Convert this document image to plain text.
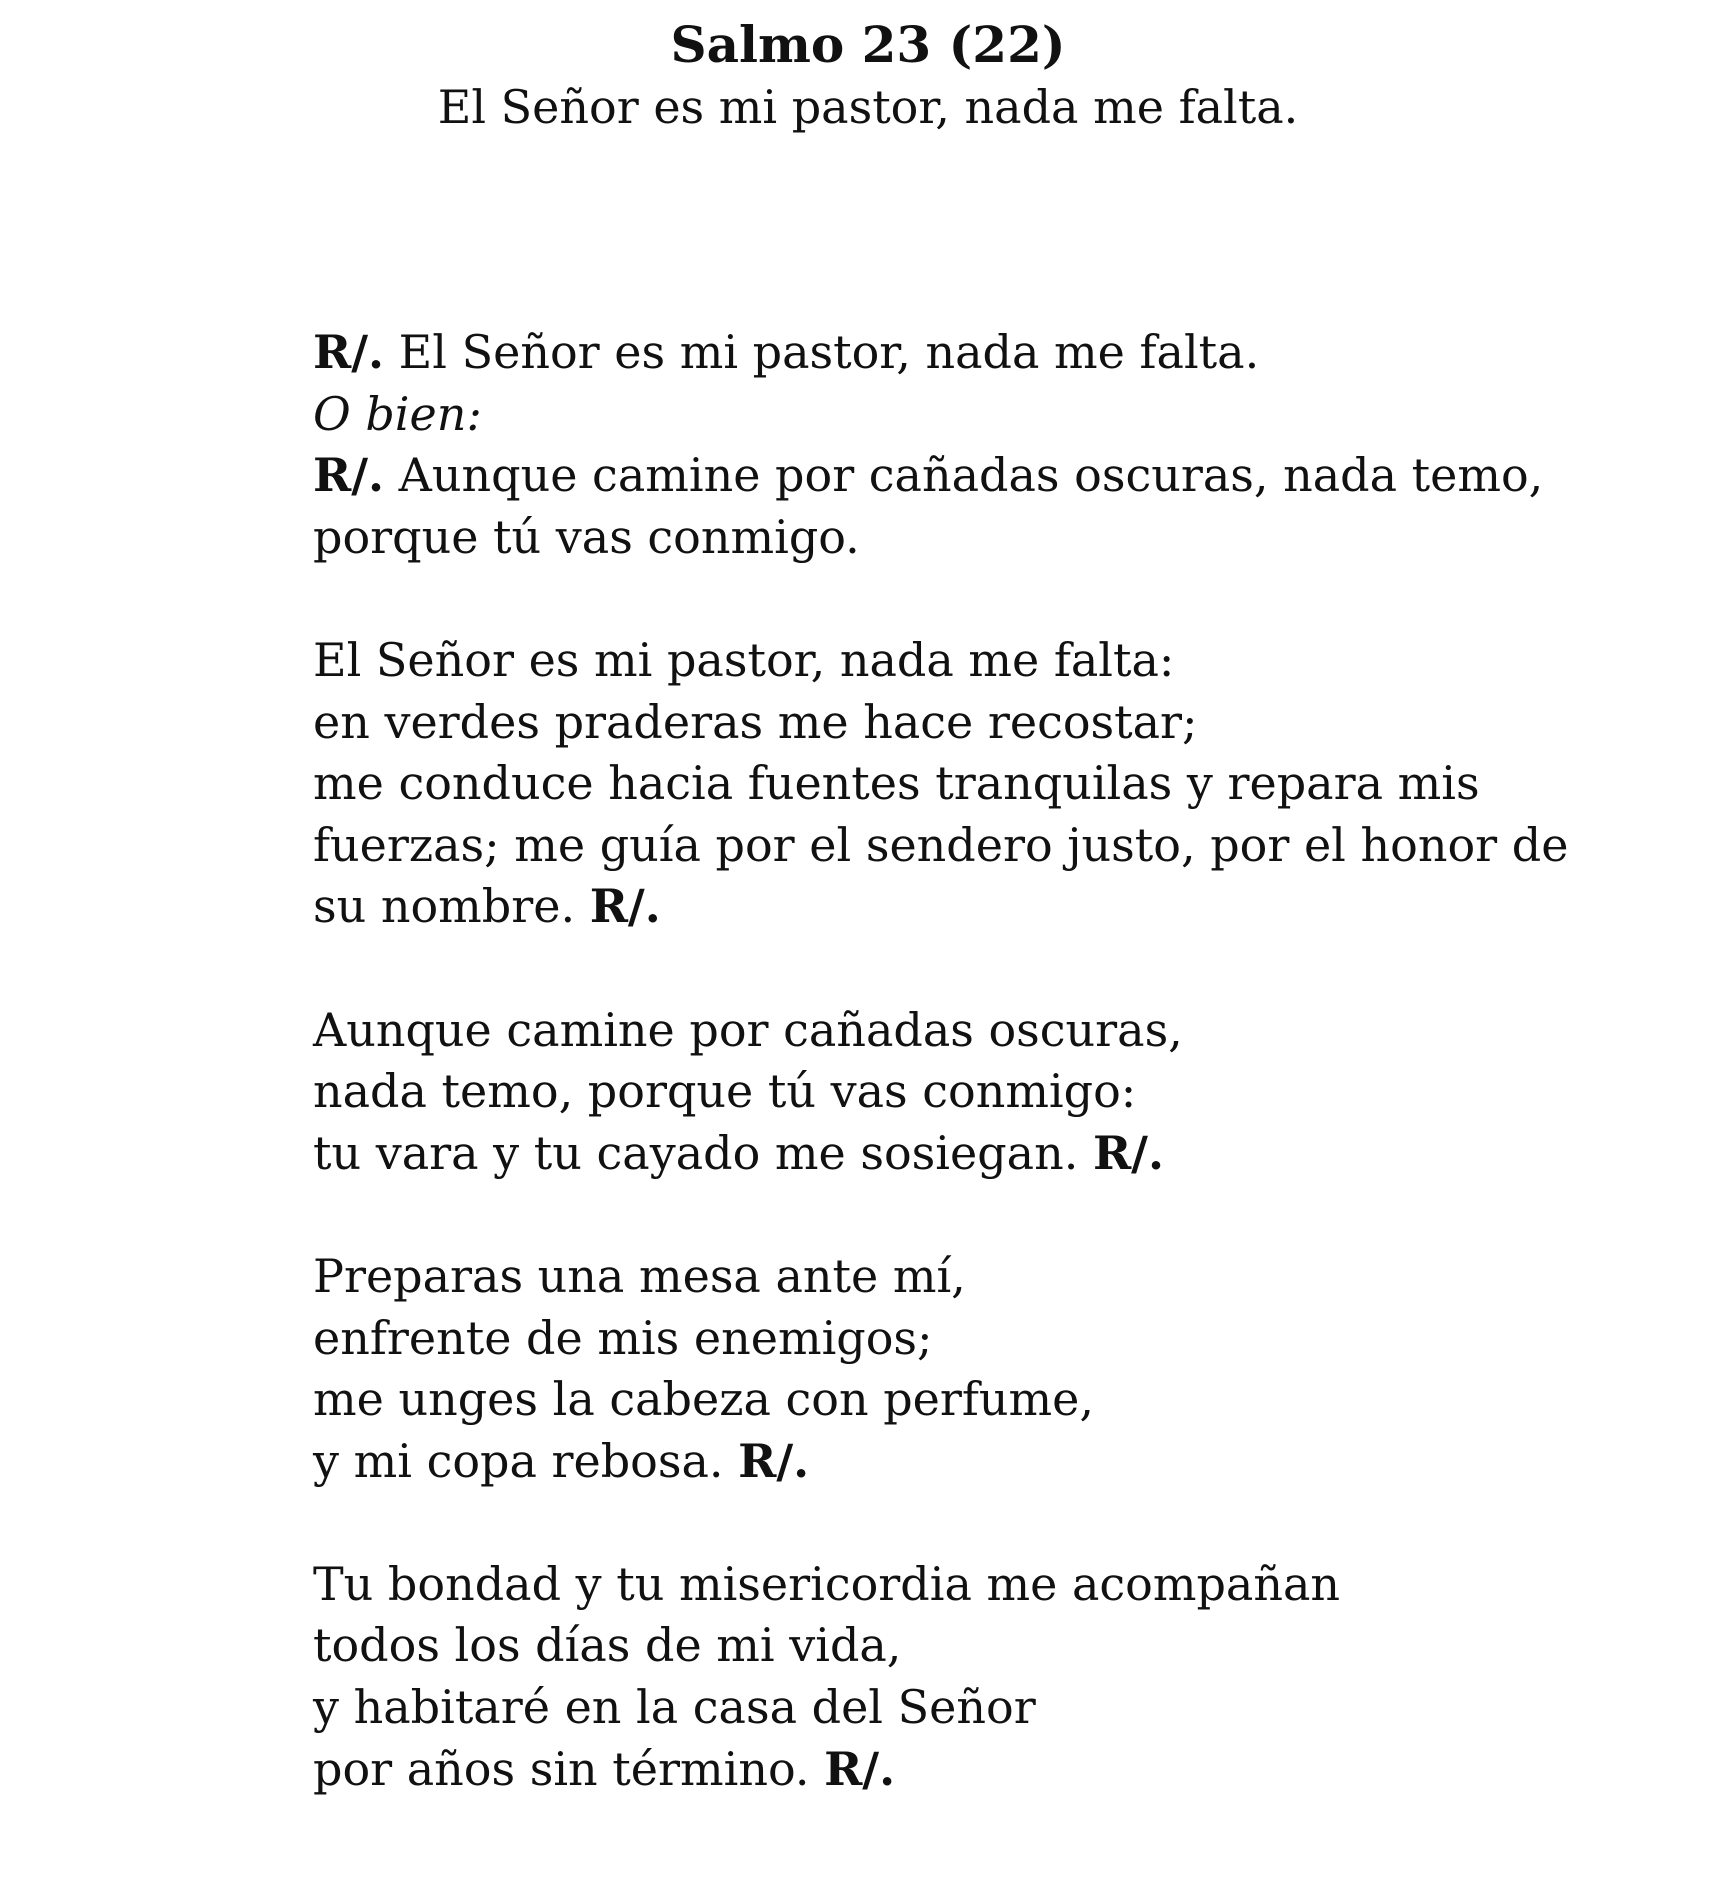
Salmo 23 (22)
El Señor es mi pastor, nada me falta.
R/. El Señor es mi pastor, nada me falta.
O bien:
R/. Aunque camine por cañadas oscuras, nada temo,
porque tú vas conmigo.
El Señor es mi pastor, nada me falta:
en verdes praderas me hace recostar;
me conduce hacia fuentes tranquilas y repara mis
fuerzas; me guía por el sendero justo, por el honor de
su nombre. R/.
Aunque camine por cañadas oscuras,
nada temo, porque tú vas conmigo:
tu vara y tu cayado me sosiegan. R/.
Preparas una mesa ante mí,
enfrente de mis enemigos;
me unges la cabeza con perfume,
y mi copa rebosa. R/.
Tu bondad y tu misericordia me acompañan
todos los días de mi vida,
y habitaré en la casa del Señor
por años sin término. R/.
